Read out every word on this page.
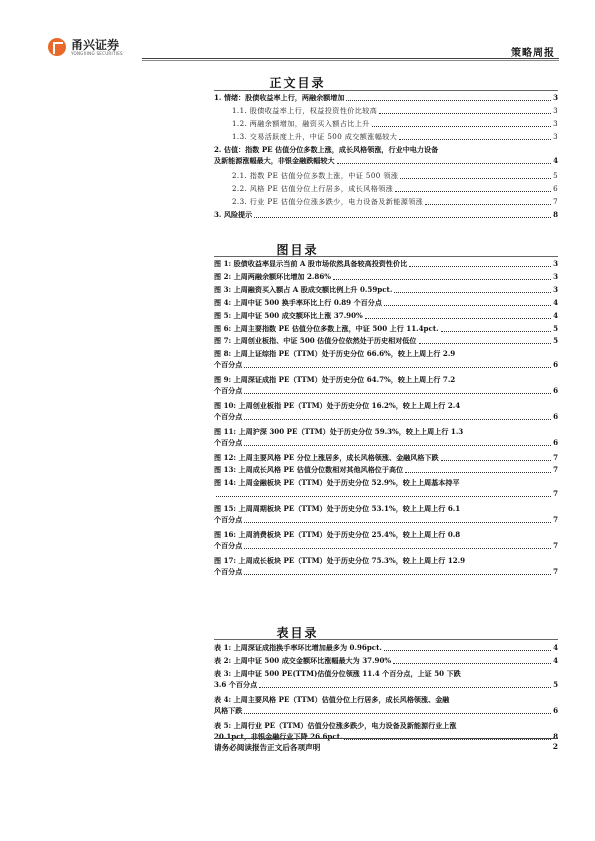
甬兴证券
YONGXING SECURITIES	策略周报
正文目录
1. 情绪：股债收益率上行，两融余额增加	3
1.1. 股债收益率上行，权益投资性价比较高	3
1.2. 两融余额增加，融资买入额占比上升	3
1.3. 交易活跃度上升，中证 500 成交额涨幅较大	3
2. 估值：指数 PE 估值分位多数上涨，成长风格领涨，行业中电力设备
及新能源涨幅最大，非银金融跌幅较大	4
2.1. 指数 PE 估值分位多数上涨，中证 500 领涨	5
2.2. 风格 PE 估值分位上行居多，成长风格领涨	6
2.3. 行业 PE 估值分位涨多跌少，电力设备及新能源领涨	7
3. 风险提示	8
图目录
图 1: 股债收益率显示当前 A 股市场依然具备较高投资性价比	3
图 2: 上周两融余额环比增加 2.86%	3
图 3: 上周融资买入额占 A 股成交额比例上升 0.59pct.	3
图 4: 上周中证 500 换手率环比上行 0.89 个百分点	4
图 5: 上周中证 500 成交额环比上涨 37.90%	4
图 6: 上周主要指数 PE 估值分位多数上涨，中证 500 上行 11.4pct.	5
图 7: 上周创业板指、中证 500 估值分位依然处于历史相对低位	5
图 8: 上周上证综指 PE（TTM）处于历史分位 66.6%，较上上周上行 2.9
个百分点	6
图 9: 上周深证成指 PE（TTM）处于历史分位 64.7%，较上上周上行 7.2
个百分点	6
图 10: 上周创业板指 PE（TTM）处于历史分位 16.2%，较上上周上行 2.4
个百分点	6
图 11: 上周沪深 300 PE（TTM）处于历史分位 59.3%，较上上周上行 1.3
个百分点	6
图 12: 上周主要风格 PE 分位上涨居多，成长风格领涨、金融风格下跌	7
图 13: 上周成长风格 PE 估值分位数相对其他风格位于高位	7
图 14: 上周金融板块 PE（TTM）处于历史分位 52.9%，较上上周基本持平
7
图 15: 上周周期板块 PE（TTM）处于历史分位 53.1%，较上上周上行 6.1
个百分点	7
图 16: 上周消费板块 PE（TTM）处于历史分位 25.4%，较上上周上行 0.8
个百分点	7
图 17: 上周成长板块 PE（TTM）处于历史分位 75.3%，较上上周上行 12.9
个百分点	7
表目录
表 1: 上周深证成指换手率环比增加最多为 0.96pct.	4
表 2: 上周中证 500 成交金额环比涨幅最大为 37.90%	4
表 3: 上周中证 500 PE(TTM)估值分位领涨 11.4 个百分点，上证 50 下跌
3.6 个百分点	5
表 4: 上周主要风格 PE（TTM）估值分位上行居多，成长风格领涨、金融
风格下跌	6
表 5: 上周行业 PE（TTM）估值分位涨多跌少，电力设备及新能源行业上涨
20.1pct，非银金融行业下降 26.6pct.	8
请务必阅读报告正文后各项声明	2
